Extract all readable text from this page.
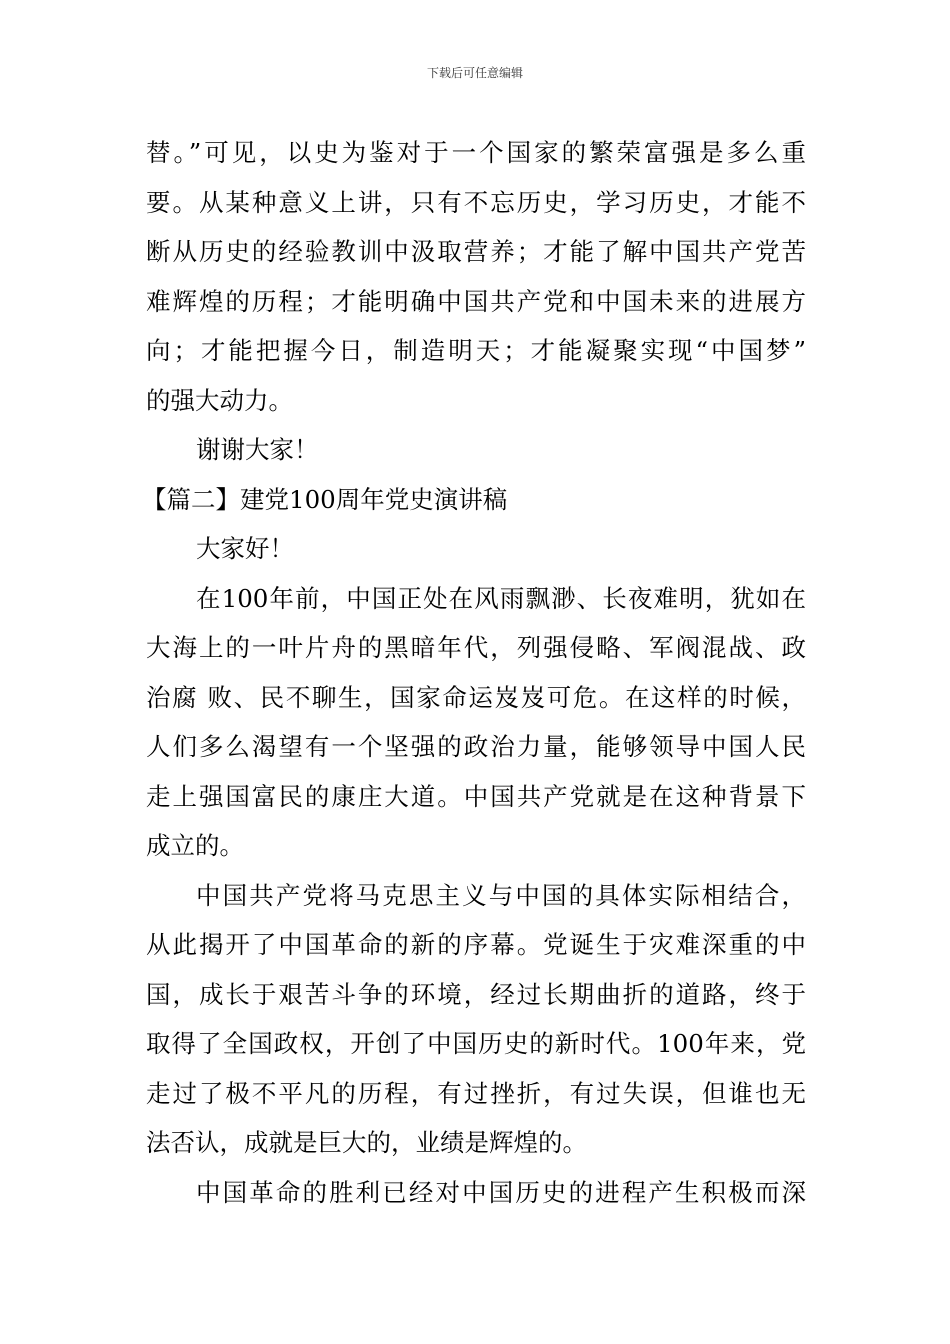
下载后可任意编辑
替。”可见，以史为鉴对于一个国家的繁荣富强是多么重
要。从某种意义上讲，只有不忘历史，学习历史，才能不
断从历史的经验教训中汲取营养；才能了解中国共产党苦
难辉煌的历程；才能明确中国共产党和中国未来的进展方
向；才能把握今日，制造明天；才能凝聚实现“中国梦”
的强大动力。
谢谢大家！
【篇二】建党100周年党史演讲稿
大家好！
在100年前，中国正处在风雨飘渺、长夜难明，犹如在
大海上的一叶片舟的黑暗年代，列强侵略、军阀混战、政
治腐 败、民不聊生，国家命运岌岌可危。在这样的时候，
人们多么渴望有一个坚强的政治力量，能够领导中国人民
走上强国富民的康庄大道。中国共产党就是在这种背景下
成立的。
中国共产党将马克思主义与中国的具体实际相结合，
从此揭开了中国革命的新的序幕。党诞生于灾难深重的中
国，成长于艰苦斗争的环境，经过长期曲折的道路，终于
取得了全国政权，开创了中国历史的新时代。100年来，党
走过了极不平凡的历程，有过挫折，有过失误，但谁也无
法否认，成就是巨大的，业绩是辉煌的。
中国革命的胜利已经对中国历史的进程产生积极而深
